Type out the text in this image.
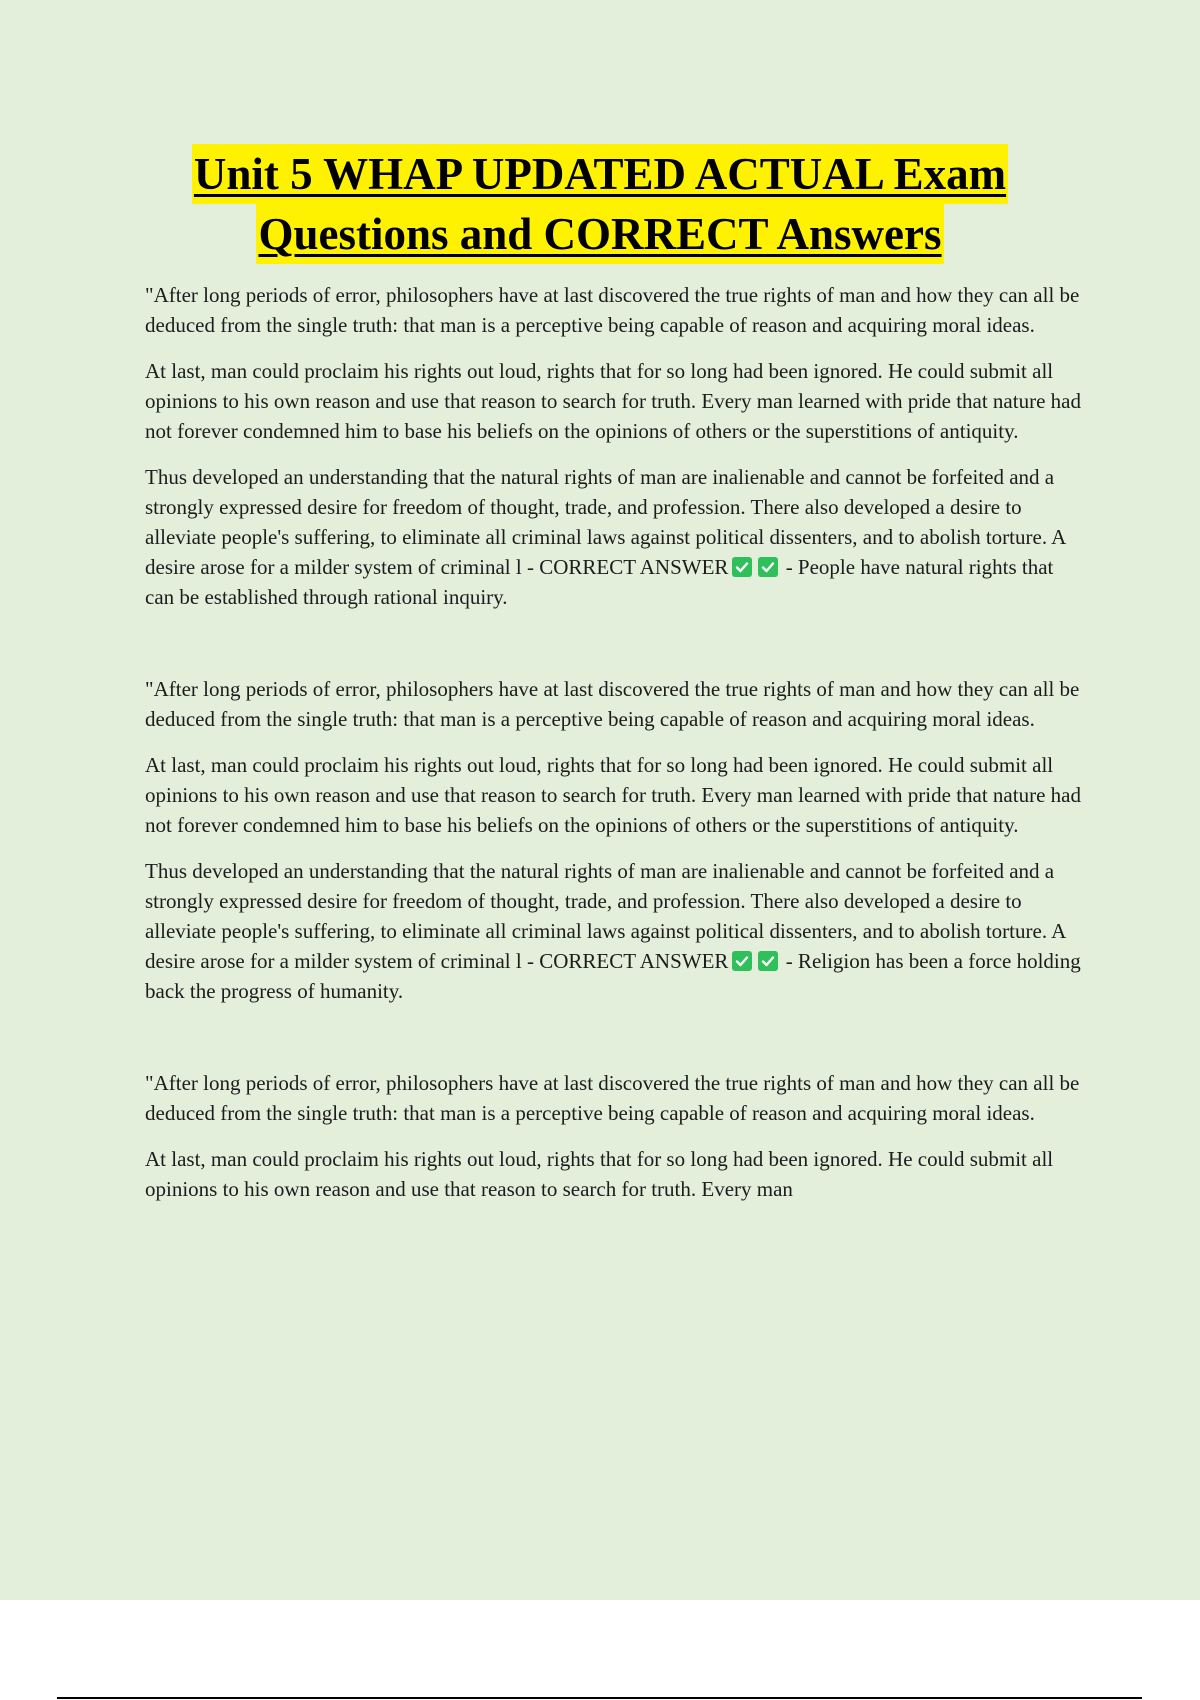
Unit 5 WHAP UPDATED ACTUAL Exam
Questions and CORRECT Answers

"After long periods of error, philosophers have at last discovered the true rights of man and how they can all be deduced from the single truth: that man is a perceptive being capable of reason and acquiring moral ideas.

At last, man could proclaim his rights out loud, rights that for so long had been ignored. He could submit all opinions to his own reason and use that reason to search for truth. Every man learned with pride that nature had not forever condemned him to base his beliefs on the opinions of others or the superstitions of antiquity.

Thus developed an understanding that the natural rights of man are inalienable and cannot be forfeited and a strongly expressed desire for freedom of thought, trade, and profession. There also developed a desire to alleviate people's suffering, to eliminate all criminal laws against political dissenters, and to abolish torture. A desire arose for a milder system of criminal l - CORRECT ANSWER	- People have natural rights that can be established through rational inquiry.

"After long periods of error, philosophers have at last discovered the true rights of man and how they can all be deduced from the single truth: that man is a perceptive being capable of reason and acquiring moral ideas.

At last, man could proclaim his rights out loud, rights that for so long had been ignored. He could submit all opinions to his own reason and use that reason to search for truth. Every man learned with pride that nature had not forever condemned him to base his beliefs on the opinions of others or the superstitions of antiquity.

Thus developed an understanding that the natural rights of man are inalienable and cannot be forfeited and a strongly expressed desire for freedom of thought, trade, and profession. There also developed a desire to alleviate people's suffering, to eliminate all criminal laws against political dissenters, and to abolish torture. A desire arose for a milder system of criminal l - CORRECT ANSWER	- Religion has been a force holding back the progress of humanity.

"After long periods of error, philosophers have at last discovered the true rights of man and how they can all be deduced from the single truth: that man is a perceptive being capable of reason and acquiring moral ideas.

At last, man could proclaim his rights out loud, rights that for so long had been ignored. He could submit all opinions to his own reason and use that reason to search for truth. Every man
